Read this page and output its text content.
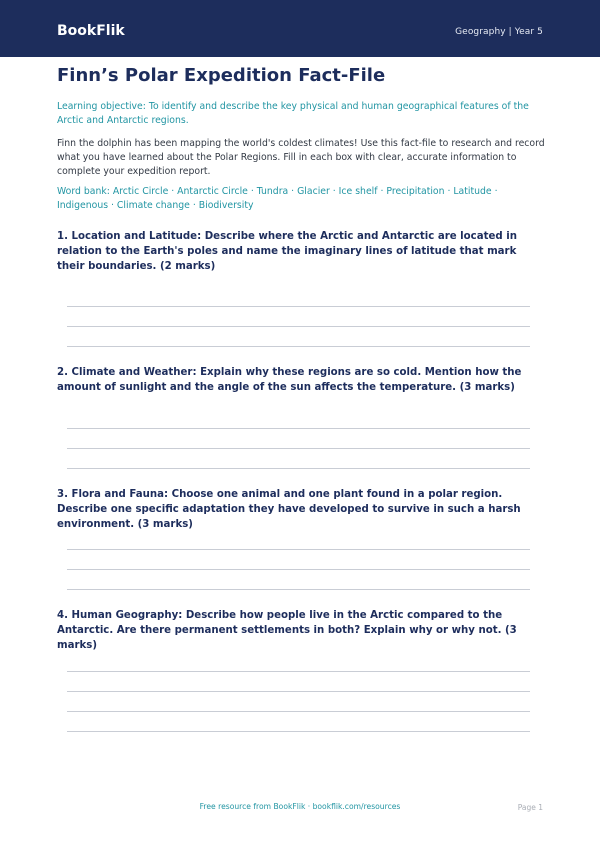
BookFlik	Geography | Year 5
Finn’s Polar Expedition Fact-File
Learning objective: To identify and describe the key physical and human geographical features of the Arctic and Antarctic regions.
Finn the dolphin has been mapping the world's coldest climates! Use this fact-file to research and record what you have learned about the Polar Regions. Fill in each box with clear, accurate information to complete your expedition report.
Word bank: Arctic Circle · Antarctic Circle · Tundra · Glacier · Ice shelf · Precipitation · Latitude · Indigenous · Climate change · Biodiversity
1. Location and Latitude: Describe where the Arctic and Antarctic are located in relation to the Earth's poles and name the imaginary lines of latitude that mark their boundaries. (2 marks)
2. Climate and Weather: Explain why these regions are so cold. Mention how the amount of sunlight and the angle of the sun affects the temperature. (3 marks)
3. Flora and Fauna: Choose one animal and one plant found in a polar region. Describe one specific adaptation they have developed to survive in such a harsh environment. (3 marks)
4. Human Geography: Describe how people live in the Arctic compared to the Antarctic. Are there permanent settlements in both? Explain why or why not. (3 marks)
Free resource from BookFlik · bookflik.com/resources	Page 1
